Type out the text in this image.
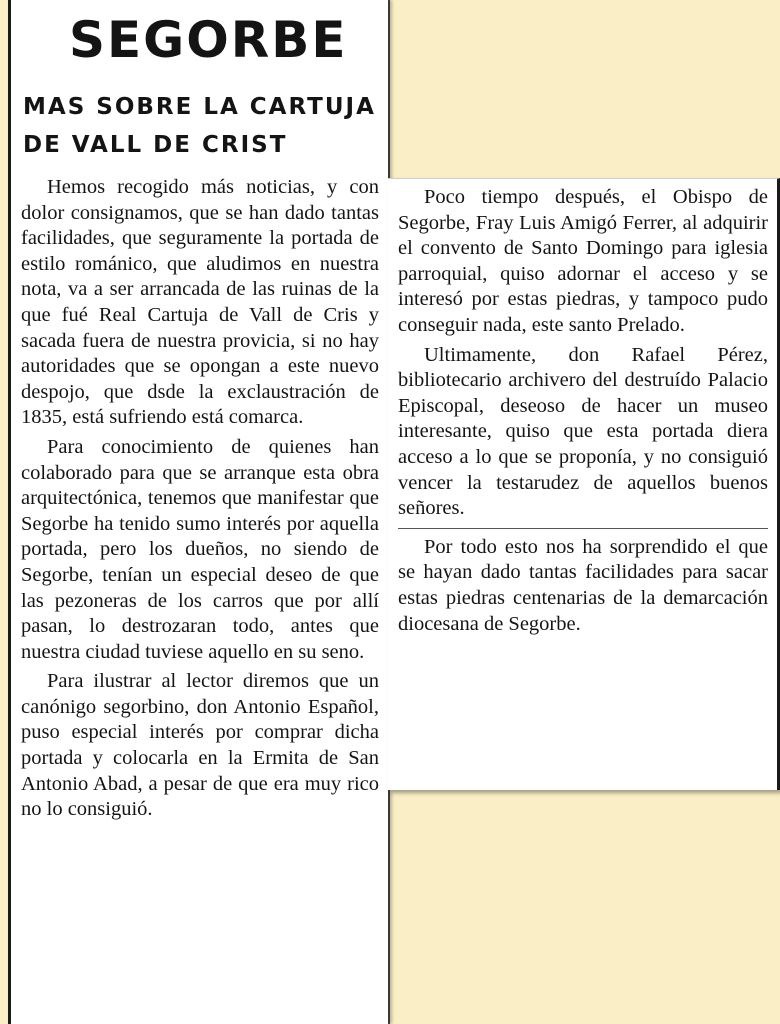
SEGORBE
MAS SOBRE LA CARTUJA
DE VALL DE CRIST

Hemos recogido más noticias, y con dolor consignamos, que se han dado tantas facilidades, que seguramente la portada de estilo románico, que aludimos en nuestra nota, va a ser arrancada de las ruinas de la que fué Real Cartuja de Vall de Cris y sacada fuera de nuestra provicia, si no hay autoridades que se opongan a este nuevo despojo, que dsde la exclaustración de 1835, está sufriendo está comarca.

Para conocimiento de quienes han colaborado para que se arranque esta obra arquitectónica, tenemos que manifestar que Segorbe ha tenido sumo interés por aquella portada, pero los dueños, no siendo de Segorbe, tenían un especial deseo de que las pezoneras de los carros que por allí pasan, lo destrozaran todo, antes que nuestra ciudad tuviese aquello en su seno.

Para ilustrar al lector diremos que un canónigo segorbino, don Antonio Español, puso especial interés por comprar dicha portada y colocarla en la Ermita de San Antonio Abad, a pesar de que era muy rico no lo consiguió.

Poco tiempo después, el Obispo de Segorbe, Fray Luis Amigó Ferrer, al adquirir el convento de Santo Domingo para iglesia parroquial, quiso adornar el acceso y se interesó por estas piedras, y tampoco pudo conseguir nada, este santo Prelado.

Ultimamente, don Rafael Pérez, bibliotecario archivero del destruído Palacio Episcopal, deseoso de hacer un museo interesante, quiso que esta portada diera acceso a lo que se proponía, y no consiguió vencer la testarudez de aquellos buenos señores.

Por todo esto nos ha sorprendido el que se hayan dado tantas facilidades para sacar estas piedras centenarias de la demarcación diocesana de Segorbe.
